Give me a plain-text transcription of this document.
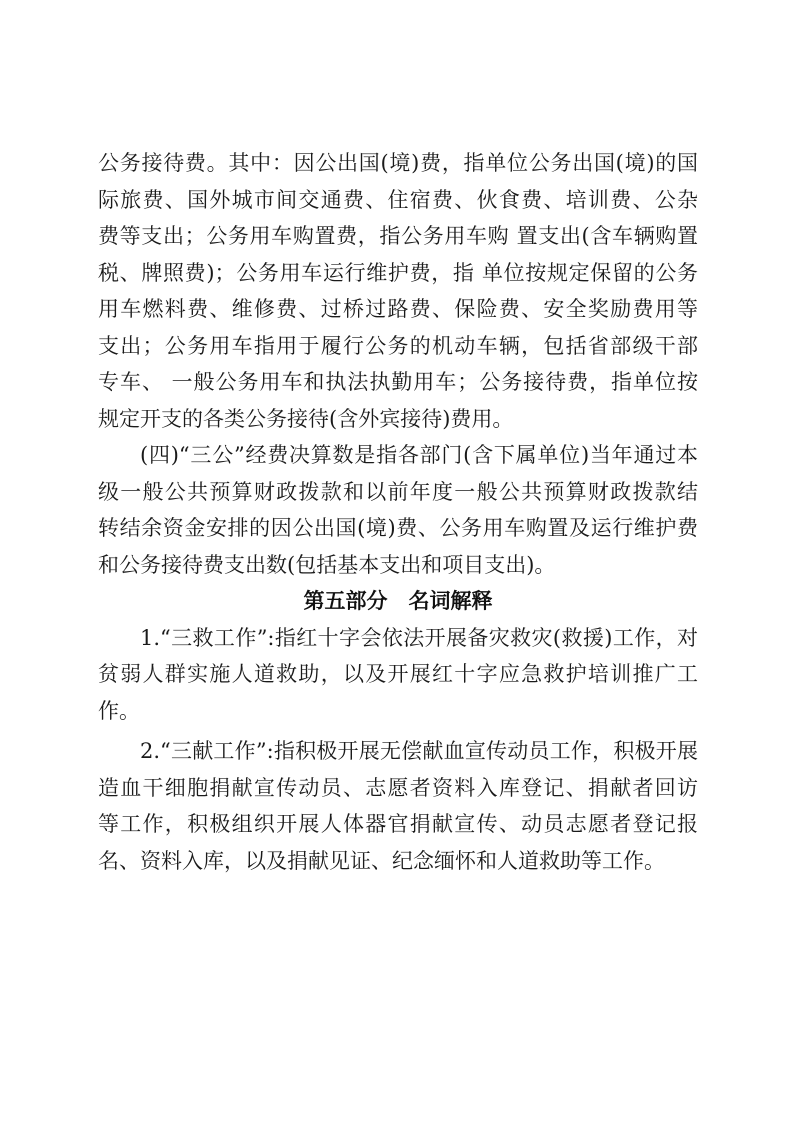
公务接待费。其中：因公出国(境)费，指单位公务出国(境)的国
际旅费、国外城市间交通费、住宿费、伙食费、培训费、公杂
费等支出；公务用车购置费，指公务用车购 置支出(含车辆购置
税、牌照费)；公务用车运行维护费，指 单位按规定保留的公务
用车燃料费、维修费、过桥过路费、保险费、安全奖励费用等
支出；公务用车指用于履行公务的机动车辆，包括省部级干部
专车、 一般公务用车和执法执勤用车；公务接待费，指单位按
规定开支的各类公务接待(含外宾接待)费用。
(四)“三公”经费决算数是指各部门(含下属单位)当年通过本
级一般公共预算财政拨款和以前年度一般公共预算财政拨款结
转结余资金安排的因公出国(境)费、公务用车购置及运行维护费
和公务接待费支出数(包括基本支出和项目支出)。
第五部分　名词解释
1.“三救工作”:指红十字会依法开展备灾救灾(救援)工作，对
贫弱人群实施人道救助，以及开展红十字应急救护培训推广工
作。
2.“三献工作”:指积极开展无偿献血宣传动员工作，积极开展
造血干细胞捐献宣传动员、志愿者资料入库登记、捐献者回访
等工作，积极组织开展人体器官捐献宣传、动员志愿者登记报
名、资料入库，以及捐献见证、纪念缅怀和人道救助等工作。
